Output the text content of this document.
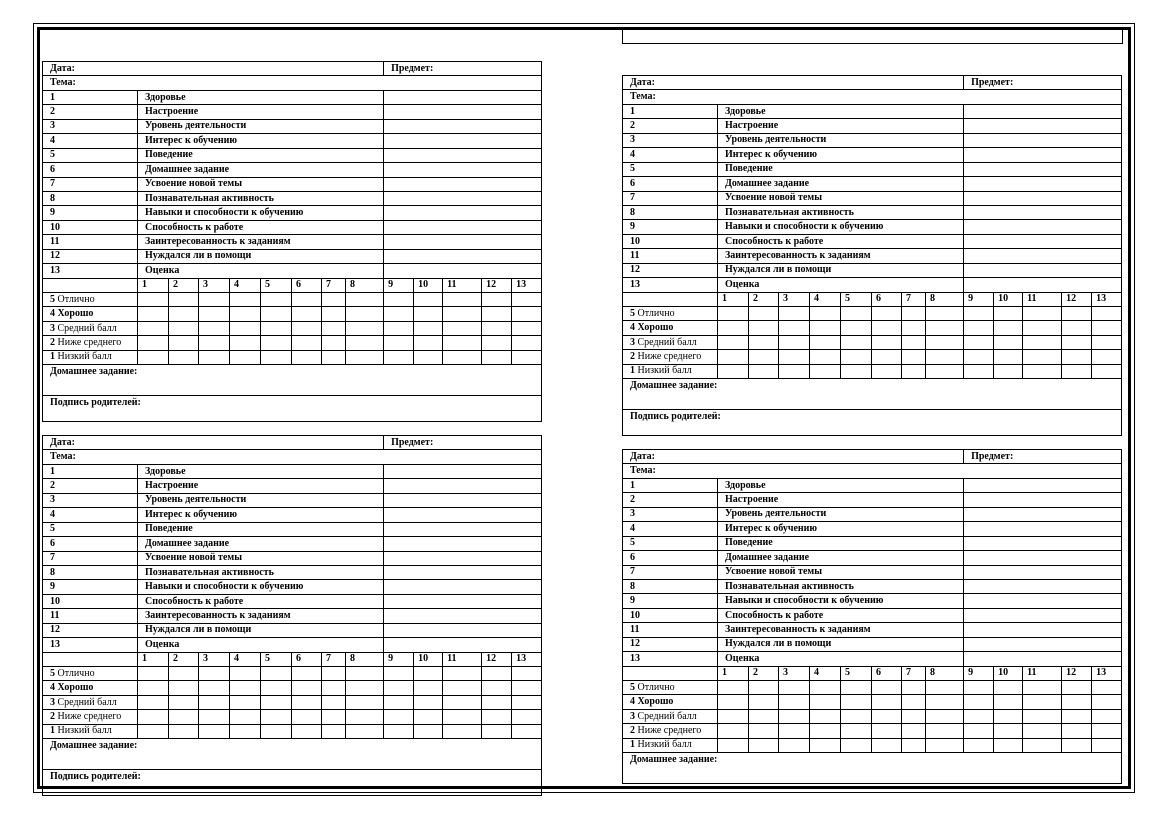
Дата:									Предмет:				
Тема:													
1	Здоровье												
2	Настроение												
3	Уровень деятельности												
4	Интерес к обучению												
5	Поведение												
6	Домашнее задание												
7	Усвоение новой темы												
8	Познавательная активность												
9	Навыки и способности к обучению												
10	Способность к работе												
11	Заинтересованность к заданиям												
12	Нуждался ли в помощи												
13	Оценка												
	1	2	3	4	5	6	7	8	9	10	11	12	13
5 Отлично													
4 Хорошо													
3 Средний балл													
2 Ниже среднего													
1 Низкий балл													
Домашнее задание:													
Подпись родителей:													
Дата:									Предмет:				
Тема:													
1	Здоровье												
2	Настроение												
3	Уровень деятельности												
4	Интерес к обучению												
5	Поведение												
6	Домашнее задание												
7	Усвоение новой темы												
8	Познавательная активность												
9	Навыки и способности к обучению												
10	Способность к работе												
11	Заинтересованность к заданиям												
12	Нуждался ли в помощи												
13	Оценка												
	1	2	3	4	5	6	7	8	9	10	11	12	13
5 Отлично													
4 Хорошо													
3 Средний балл													
2 Ниже среднего													
1 Низкий балл													
Домашнее задание:													
Подпись родителей:													
Дата:									Предмет:				
Тема:													
1	Здоровье												
2	Настроение												
3	Уровень деятельности												
4	Интерес к обучению												
5	Поведение												
6	Домашнее задание												
7	Усвоение новой темы												
8	Познавательная активность												
9	Навыки и способности к обучению												
10	Способность к работе												
11	Заинтересованность к заданиям												
12	Нуждался ли в помощи												
13	Оценка												
	1	2	3	4	5	6	7	8	9	10	11	12	13
5 Отлично													
4 Хорошо													
3 Средний балл													
2 Ниже среднего													
1 Низкий балл													
Домашнее задание:													
Подпись родителей:													
Дата:									Предмет:				
Тема:													
1	Здоровье												
2	Настроение												
3	Уровень деятельности												
4	Интерес к обучению												
5	Поведение												
6	Домашнее задание												
7	Усвоение новой темы												
8	Познавательная активность												
9	Навыки и способности к обучению												
10	Способность к работе												
11	Заинтересованность к заданиям												
12	Нуждался ли в помощи												
13	Оценка												
	1	2	3	4	5	6	7	8	9	10	11	12	13
5 Отлично													
4 Хорошо													
3 Средний балл													
2 Ниже среднего													
1 Низкий балл													
Домашнее задание:													
